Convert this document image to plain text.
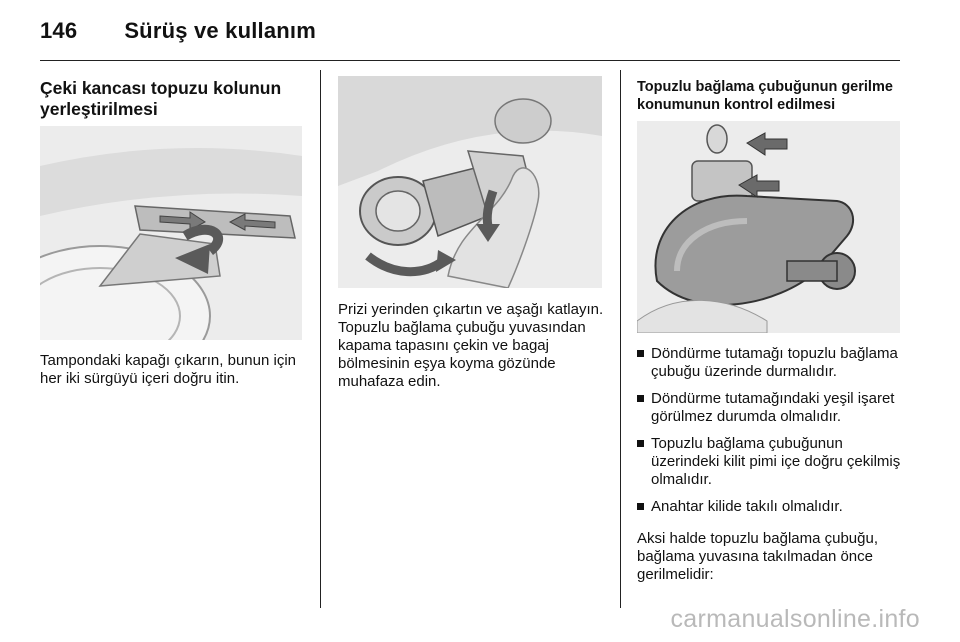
146 Sürüş ve kullanım
Çeki kancası topuzu kolunun yerleştirilmesi
Tampondaki kapağı çıkarın, bunun için her iki sürgüyü içeri doğru itin.
Prizi yerinden çıkartın ve aşağı katlayın. Topuzlu bağlama çubuğu yuvasından kapama tapasını çekin ve bagaj bölmesinin eşya koyma gözünde muhafaza edin.
Topuzlu bağlama çubuğunun gerilme konumunun kontrol edilmesi
Döndürme tutamağı topuzlu bağlama çubuğu üzerinde durmalıdır.
Döndürme tutamağındaki yeşil işaret görülmez durumda olmalıdır.
Topuzlu bağlama çubuğunun üzerindeki kilit pimi içe doğru çekilmiş olmalıdır.
Anahtar kilide takılı olmalıdır.
Aksi halde topuzlu bağlama çubuğu, bağlama yuvasına takılmadan önce gerilmelidir:
carmanualsonline.info
